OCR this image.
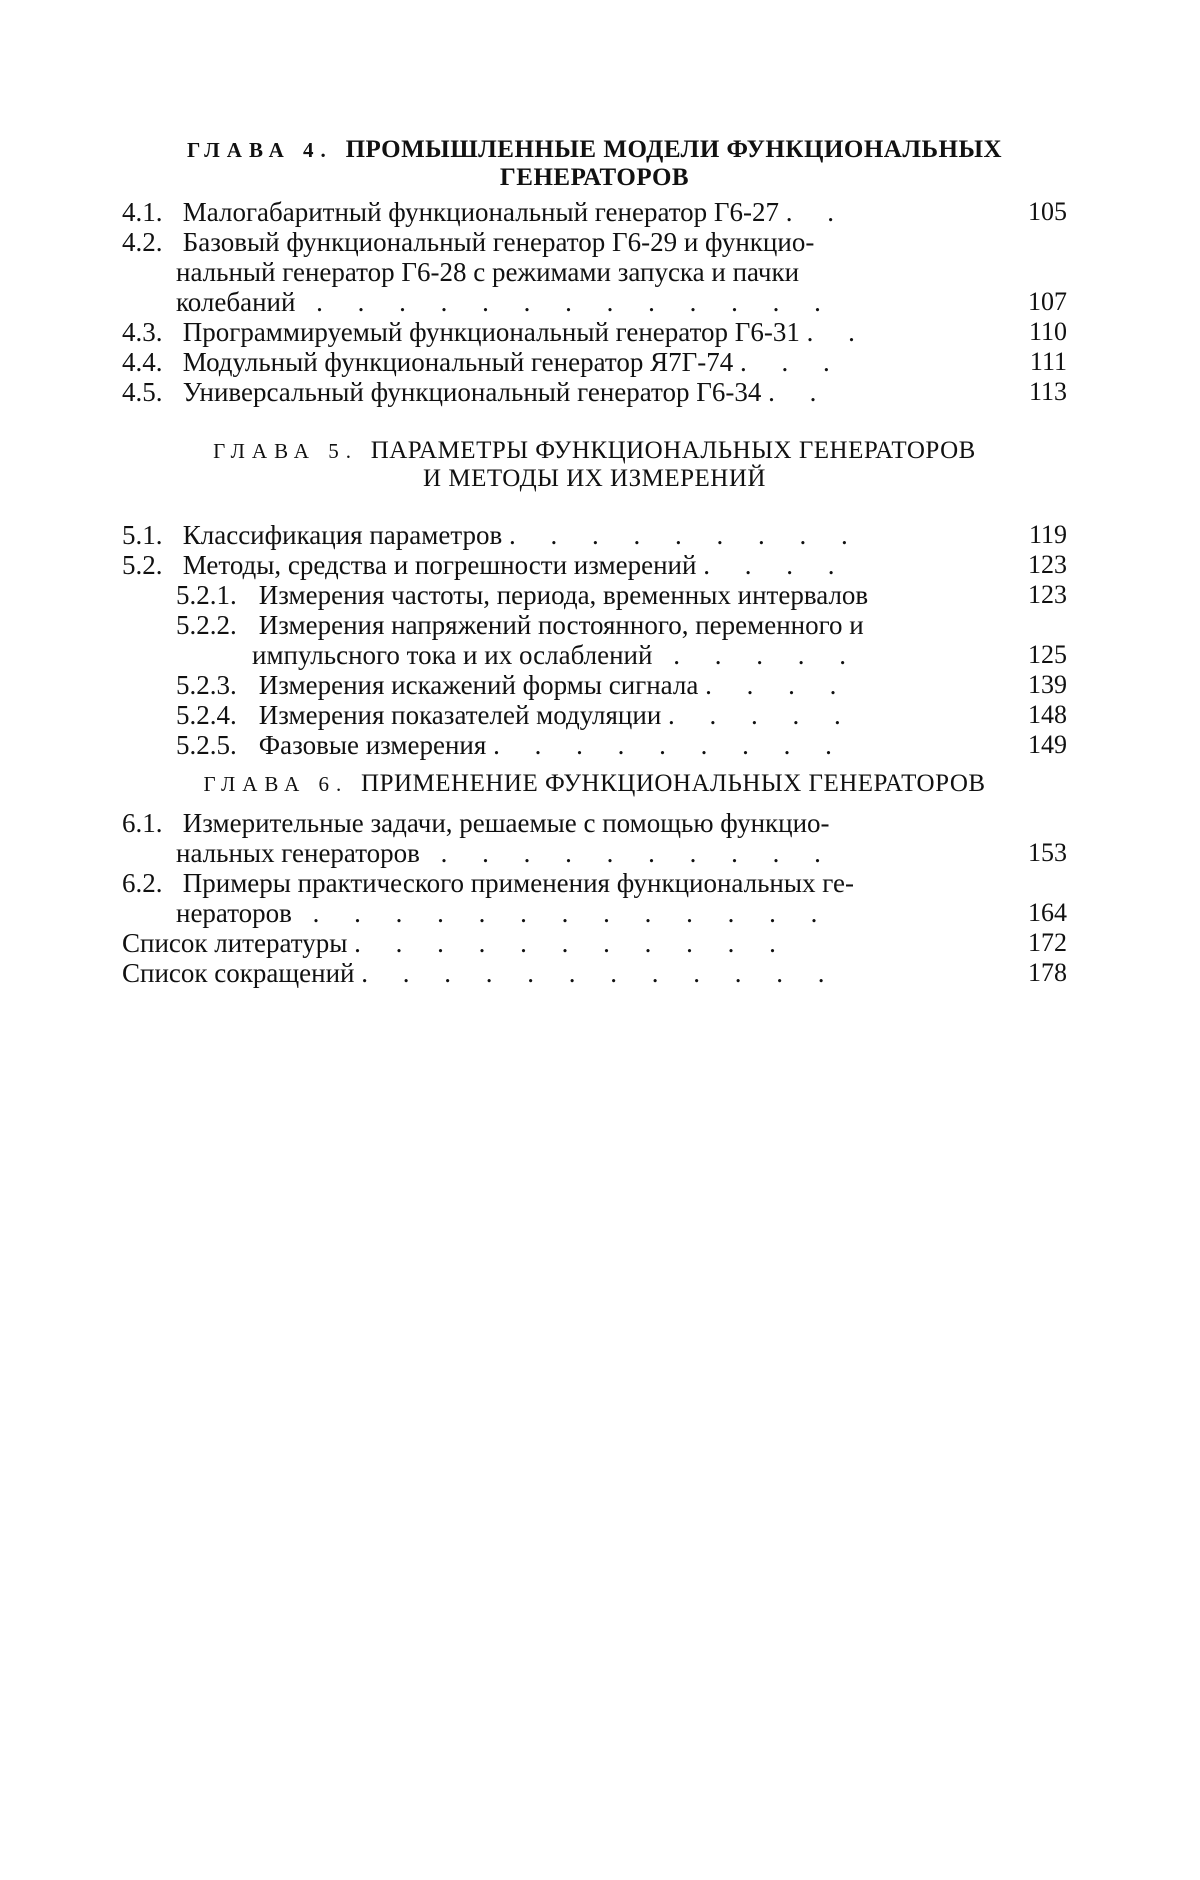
ГЛАВА 4. ПРОМЫШЛЕННЫЕ МОДЕЛИ ФУНКЦИОНАЛЬНЫХ
ГЕНЕРАТОРОВ
4.1. Малогабаритный функциональный генератор Г6-27 . .	105
4.2. Базовый функциональный генератор Г6-29 и функцио-
нальный генератор Г6-28 с режимами запуска и пачки
колебаний . . . . . . . . . . . . .	107
4.3. Программируемый функциональный генератор Г6-31 . .	110
4.4. Модульный функциональный генератор Я7Г-74 . . .	111
4.5. Универсальный функциональный генератор Г6-34 . .	113
ГЛАВА 5. ПАРАМЕТРЫ ФУНКЦИОНАЛЬНЫХ ГЕНЕРАТОРОВ
И МЕТОДЫ ИХ ИЗМЕРЕНИЙ
5.1. Классификация параметров . . . . . . . . .	119
5.2. Методы, средства и погрешности измерений . . . .	123
5.2.1. Измерения частоты, периода, временных интервалов	123
5.2.2. Измерения напряжений постоянного, переменного и
импульсного тока и их ослаблений . . . . .	125
5.2.3. Измерения искажений формы сигнала . . . .	139
5.2.4. Измерения показателей модуляции . . . . .	148
5.2.5. Фазовые измерения . . . . . . . . .	149
ГЛАВА 6. ПРИМЕНЕНИЕ ФУНКЦИОНАЛЬНЫХ ГЕНЕРАТОРОВ
6.1. Измерительные задачи, решаемые с помощью функцио-
нальных генераторов . . . . . . . . . .	153
6.2. Примеры практического применения функциональных ге-
нераторов . . . . . . . . . . . . .	164
Список литературы . . . . . . . . . . .	172
Список сокращений . . . . . . . . . . . .	178
